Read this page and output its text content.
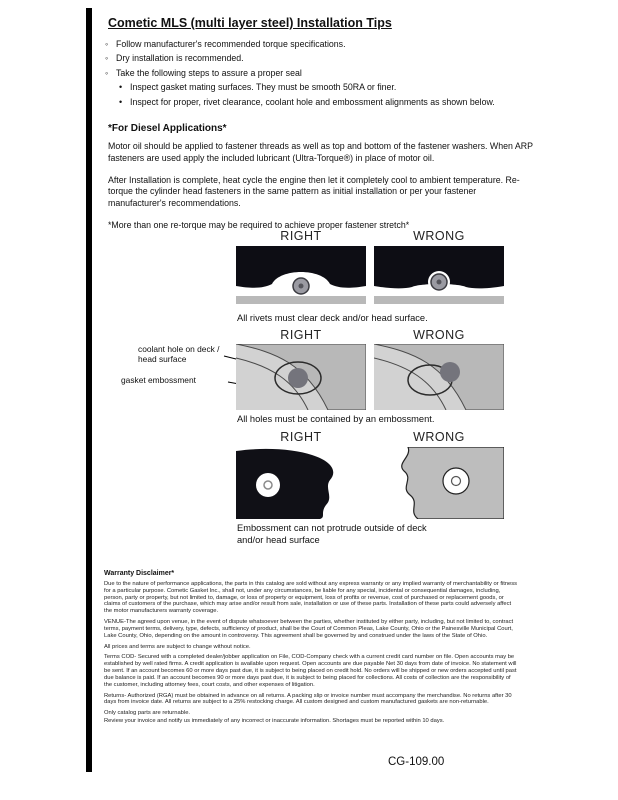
Cometic MLS (multi layer steel) Installation Tips
◦ Follow manufacturer's recommended torque specifications.
◦ Dry installation is recommended.
◦ Take the following steps to assure a proper seal
• Inspect gasket mating surfaces. They must be smooth 50RA or finer.
• Inspect for proper, rivet clearance, coolant hole and embossment alignments as shown below.
*For Diesel Applications*
Motor oil should be applied to fastener threads as well as top and bottom of the fastener washers. When ARP fasteners are used apply the included lubricant (Ultra-Torque®) in place of motor oil.
After Installation is complete, heat cycle the engine then let it completely cool to ambient temperature. Re-torque the cylinder head fasteners in the same pattern as initial installation or per your fastener manufacturer's recommendations.
*More than one re-torque may be required to achieve proper fastener stretch*
RIGHT	WRONG
All rivets must clear deck and/or head surface.
RIGHT	WRONG
coolant hole on deck / head surface
gasket embossment
All holes must be contained by an embossment.
RIGHT	WRONG
Embossment can not protrude outside of deck and/or head surface
Warranty Disclaimer*
Due to the nature of performance applications, the parts in this catalog are sold without any express warranty or any implied warranty of merchantability or fitness for a particular purpose. Cometic Gasket Inc., shall not, under any circumstances, be liable for any special, incidental or consequential damages, including, person, party or property, but not limited to, damage, or loss of property or equipment, loss of profits or revenue, cost of purchased or replacement goods, or claims of customers of the purchase, which may arise and/or result from sale, installation or use of these parts. Installation of these parts could adversely affect the motor manufacturers warranty coverage.
VENUE-The agreed upon venue, in the event of dispute whatsoever between the parties, whether instituted by either party, including, but not limited to, contract terms, payment terms, delivery, type, defects, sufficiency of product, shall be the Court of Common Pleas, Lake County, Ohio or the Painesville Municipal Court, Lake County, Ohio, depending on the amount in controversy. This agreement shall be governed by and construed under the laws of the State of Ohio.
All prices and terms are subject to change without notice.
Terms COD- Secured with a completed dealer/jobber application on File, COD-Company check with a current credit card number on file. Open accounts may be established by well rated firms. A credit application is available upon request. Open accounts are due payable Net 30 days from date of invoice. No statement will be sent. If an account becomes 60 or more days past due, it is subject to being placed on credit hold. No orders will be shipped or new orders accepted until past due balance is paid. If an account becomes 90 or more days past due, it is subject to being placed for collections. All costs of collection are the responsibility of the customer, including attorney fees, court costs, and other expenses of litigation.
Returns- Authorized (RGA) must be obtained in advance on all returns. A packing slip or invoice number must accompany the merchandise. No returns after 30 days from invoice date. All returns are subject to a 25% restocking charge. All custom designed and custom manufactured gaskets are non-returnable.
Only catalog parts are returnable.
Review your invoice and notify us immediately of any incorrect or inaccurate information. Shortages must be reported within 10 days.
CG-109.00
